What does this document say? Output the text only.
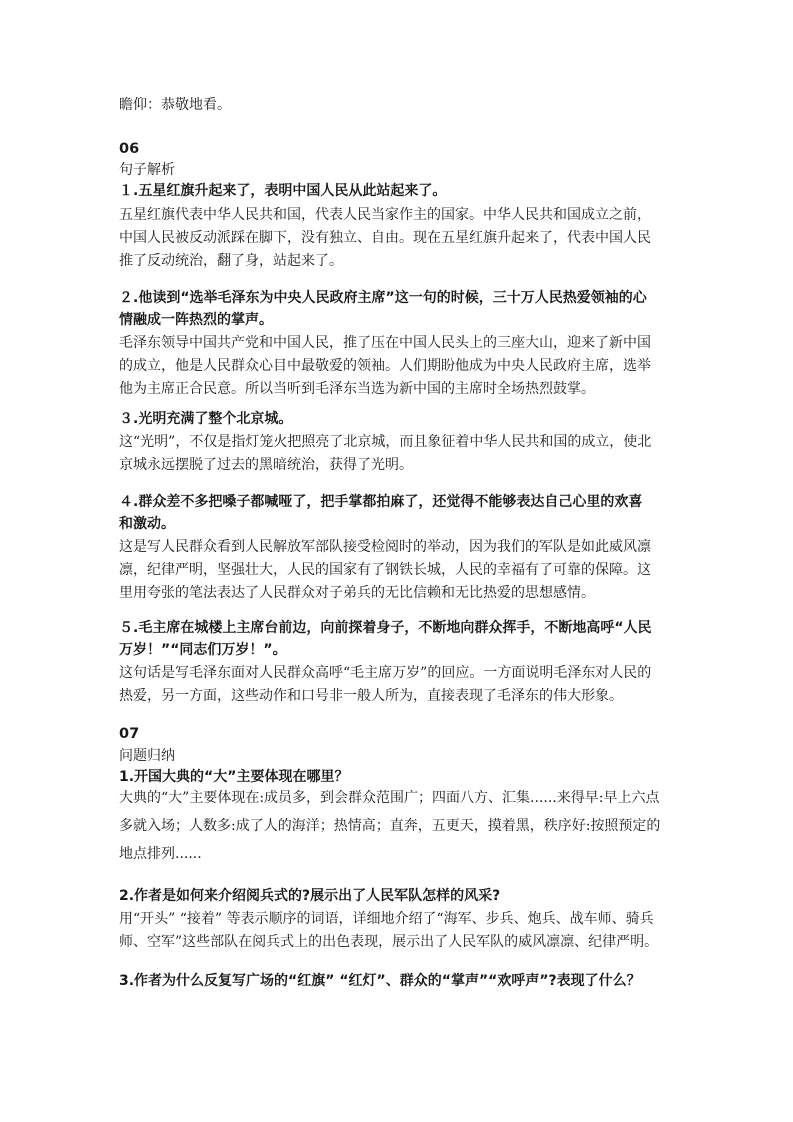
瞻仰：恭敬地看。
06
句子解析
１.五星红旗升起来了，表明中国人民从此站起来了。
五星红旗代表中华人民共和国，代表人民当家作主的国家。中华人民共和国成立之前，
中国人民被反动派踩在脚下，没有独立、自由。现在五星红旗升起来了，代表中国人民
推了反动统治，翻了身，站起来了。
２.他读到“选举毛泽东为中央人民政府主席”这一句的时候，三十万人民热爱领袖的心
情融成一阵热烈的掌声。
毛泽东领导中国共产党和中国人民，推了压在中国人民头上的三座大山，迎来了新中国
的成立，他是人民群众心目中最敬爱的领袖。人们期盼他成为中央人民政府主席，选举
他为主席正合民意。所以当听到毛泽东当选为新中国的主席时全场热烈鼓掌。
３.光明充满了整个北京城。
这“光明”，不仅是指灯笼火把照亮了北京城，而且象征着中华人民共和国的成立，使北
京城永远摆脱了过去的黑暗统治，获得了光明。
４.群众差不多把嗓子都喊哑了，把手掌都拍麻了，还觉得不能够表达自己心里的欢喜
和激动。
这是写人民群众看到人民解放军部队接受检阅时的举动，因为我们的军队是如此威风凛
凛，纪律严明，坚强壮大，人民的国家有了钢铁长城，人民的幸福有了可靠的保障。这
里用夸张的笔法表达了人民群众对子弟兵的无比信赖和无比热爱的思想感情。
５.毛主席在城楼上主席台前边，向前探着身子，不断地向群众挥手，不断地高呼“人民
万岁！”“同志们万岁！”。
这句话是写毛泽东面对人民群众高呼“毛主席万岁”的回应。一方面说明毛泽东对人民的
热爱，另一方面，这些动作和口号非一般人所为，直接表现了毛泽东的伟大形象。
07
问题归纳
1.开国大典的“大”主要体现在哪里？
大典的“大”主要体现在:成员多，到会群众范围广；四面八方、汇集......来得早:早上六点
多就入场；人数多:成了人的海洋；热情高；直奔，五更天，摸着黑，秩序好:按照预定的
地点排列......
2.作者是如何来介绍阅兵式的?展示出了人民军队怎样的风采?
用“开头” “接着” 等表示顺序的词语，详细地介绍了“海军、步兵、炮兵、战车师、骑兵
师、空军”这些部队在阅兵式上的出色表现，展示出了人民军队的威风凛凛、纪律严明。
3.作者为什么反复写广场的“红旗” “红灯”、群众的“掌声”“欢呼声”?表现了什么？
